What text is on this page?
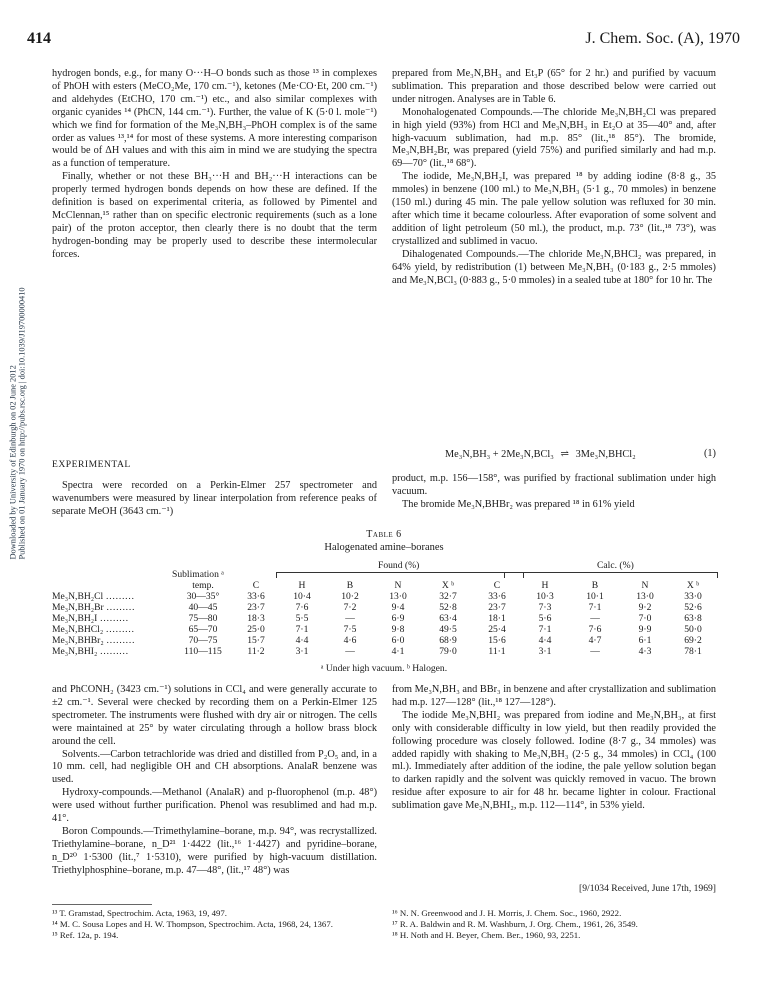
414	J. Chem. Soc. (A), 1970
Downloaded by University of Edinburgh on 02 June 2012 Published on 01 January 1970 on http://pubs.rsc.org | doi:10.1039/J19700000410

hydrogen bonds, e.g., for many O···H–O bonds such as those ¹³ in complexes of PhOH with esters (MeCO₂Me, 170 cm.⁻¹), ketones (Me·CO·Et, 200 cm.⁻¹) and aldehydes (EtCHO, 170 cm.⁻¹) etc., and also similar complexes with organic cyanides ¹⁴ (PhCN, 144 cm.⁻¹). Further, the value of K (5·0 l. mole⁻¹) which we find for formation of the Me₃N,BH₃–PhOH complex is of the same order as values ¹³,¹⁴ for most of these systems. A more interesting comparison would be of ΔH values and with this aim in mind we are studying the spectra as a function of temperature.

Finally, whether or not these BH₃···H and BH₂···H interactions can be properly termed hydrogen bonds depends on how these are defined. If the definition is based on experimental criteria, as followed by Pimentel and McClennan,¹⁵ rather than on specific electronic requirements (such as a lone pair) of the proton acceptor, then clearly there is no doubt that the term hydrogen-bonding may be properly used to describe these intermolecular forces.

EXPERIMENTAL

Spectra were recorded on a Perkin-Elmer 257 spectrometer and wavenumbers were measured by linear interpolation from reference peaks of separate MeOH (3643 cm.⁻¹)

prepared from Me₃N,BH₃ and Et₃P (65° for 2 hr.) and purified by vacuum sublimation. This preparation and those described below were carried out under nitrogen. Analyses are in Table 6.

Monohalogenated Compounds.—The chloride Me₃N,BH₂Cl was prepared in high yield (93%) from HCl and Me₃N,BH₃ in Et₂O at 35—40° and, after high-vacuum sublimation, had m.p. 85° (lit.,¹⁸ 85°). The bromide, Me₃N,BH₂Br, was prepared (yield 75%) and purified similarly and had m.p. 69—70° (lit.,¹⁸ 68°).

The iodide, Me₃N,BH₂I, was prepared ¹⁸ by adding iodine (8·8 g., 35 mmoles) in benzene (100 ml.) to Me₃N,BH₃ (5·1 g., 70 mmoles) in benzene (150 ml.) during 45 min. The pale yellow solution was refluxed for 30 min. after which time it became colourless. After evaporation of some solvent and addition of light petroleum (50 ml.), the product, m.p. 73° (lit.,¹⁸ 73°), was crystallized and sublimed in vacuo.

Dihalogenated Compounds.—The chloride Me₃N,BHCl₂ was prepared, in 64% yield, by redistribution (1) between Me₃N,BH₃ (0·183 g., 2·5 mmoles) and Me₃N,BCl₃ (0·883 g., 5·0 mmoles) in a sealed tube at 180° for 10 hr. The

Me₃N,BH₃ + 2Me₃N,BCl₃ ⇌ 3Me₃N,BHCl₂	(1)

product, m.p. 156—158°, was purified by fractional sublimation under high vacuum.

The bromide Me₃N,BHBr₂ was prepared ¹⁸ in 61% yield

Table 6
Halogenated amine–boranes
Found (%)	Calc. (%)
Sublimation ᵃ
	temp.	C	H	B	N	X ᵇ	C	H	B	N	X ᵇ
Me₃N,BH₂Cl ………	30—35°	33·6	10·4	10·2	13·0	32·7	33·6	10·3	10·1	13·0	33·0
Me₃N,BH₂Br ………	40—45	23·7	7·6	7·2	9·4	52·8	23·7	7·3	7·1	9·2	52·6
Me₃N,BH₂I ………	75—80	18·3	5·5	—	6·9	63·4	18·1	5·6	—	7·0	63·8
Me₃N,BHCl₂ ………	65—70	25·0	7·1	7·5	9·8	49·5	25·4	7·1	7·6	9·9	50·0
Me₃N,BHBr₂ ………	70—75	15·7	4·4	4·6	6·0	68·9	15·6	4·4	4·7	6·1	69·2
Me₃N,BHI₂ ………	110—115	11·2	3·1	—	4·1	79·0	11·1	3·1	—	4·3	78·1
ᵃ Under high vacuum. ᵇ Halogen.

and PhCONH₂ (3423 cm.⁻¹) solutions in CCl₄ and were generally accurate to ±2 cm.⁻¹. Several were checked by recording them on a Perkin-Elmer 125 spectrometer. The instruments were flushed with dry air or nitrogen. The cells were maintained at 25° by water circulating through a hollow brass block around the cell.

Solvents.—Carbon tetrachloride was dried and distilled from P₂O₅ and, in a 10 mm. cell, had negligible OH and CH absorptions. AnalaR benzene was used.

Hydroxy-compounds.—Methanol (AnalaR) and p-fluorophenol (m.p. 48°) were used without further purification. Phenol was resublimed and had m.p. 41°.

Boron Compounds.—Trimethylamine–borane, m.p. 94°, was recrystallized. Triethylamine–borane, n_D²¹ 1·4422 (lit.,¹⁶ 1·4427) and pyridine–borane, n_D²⁰ 1·5300 (lit.,⁷ 1·5310), were purified by high-vacuum distillation. Triethylphosphine–borane, m.p. 47—48°, (lit.,¹⁷ 48°) was

from Me₃N,BH₃ and BBr₃ in benzene and after crystallization and sublimation had m.p. 127—128° (lit.,¹⁸ 127—128°).

The iodide Me₃N,BHI₂ was prepared from iodine and Me₃N,BH₃, at first only with considerable difficulty in low yield, but then readily provided the following procedure was closely followed. Iodine (8·7 g., 34 mmoles) was added rapidly with shaking to Me₃N,BH₃ (2·5 g., 34 mmoles) in CCl₄ (100 ml.). Immediately after addition of the iodine, the pale yellow solution began to darken rapidly and the solvent was quickly removed in vacuo. The brown residue after exposure to air for 48 hr. became lighter in colour. Fractional sublimation gave Me₃N,BHI₂, m.p. 112—114°, in 53% yield.

[9/1034 Received, June 17th, 1969]

¹³ T. Gramstad, Spectrochim. Acta, 1963, 19, 497.

¹⁴ M. C. Sousa Lopes and H. W. Thompson, Spectrochim. Acta, 1968, 24, 1367.

¹⁵ Ref. 12a, p. 194.

¹⁶ N. N. Greenwood and J. H. Morris, J. Chem. Soc., 1960, 2922.

¹⁷ R. A. Baldwin and R. M. Washburn, J. Org. Chem., 1961, 26, 3549.

¹⁸ H. Noth and H. Beyer, Chem. Ber., 1960, 93, 2251.
